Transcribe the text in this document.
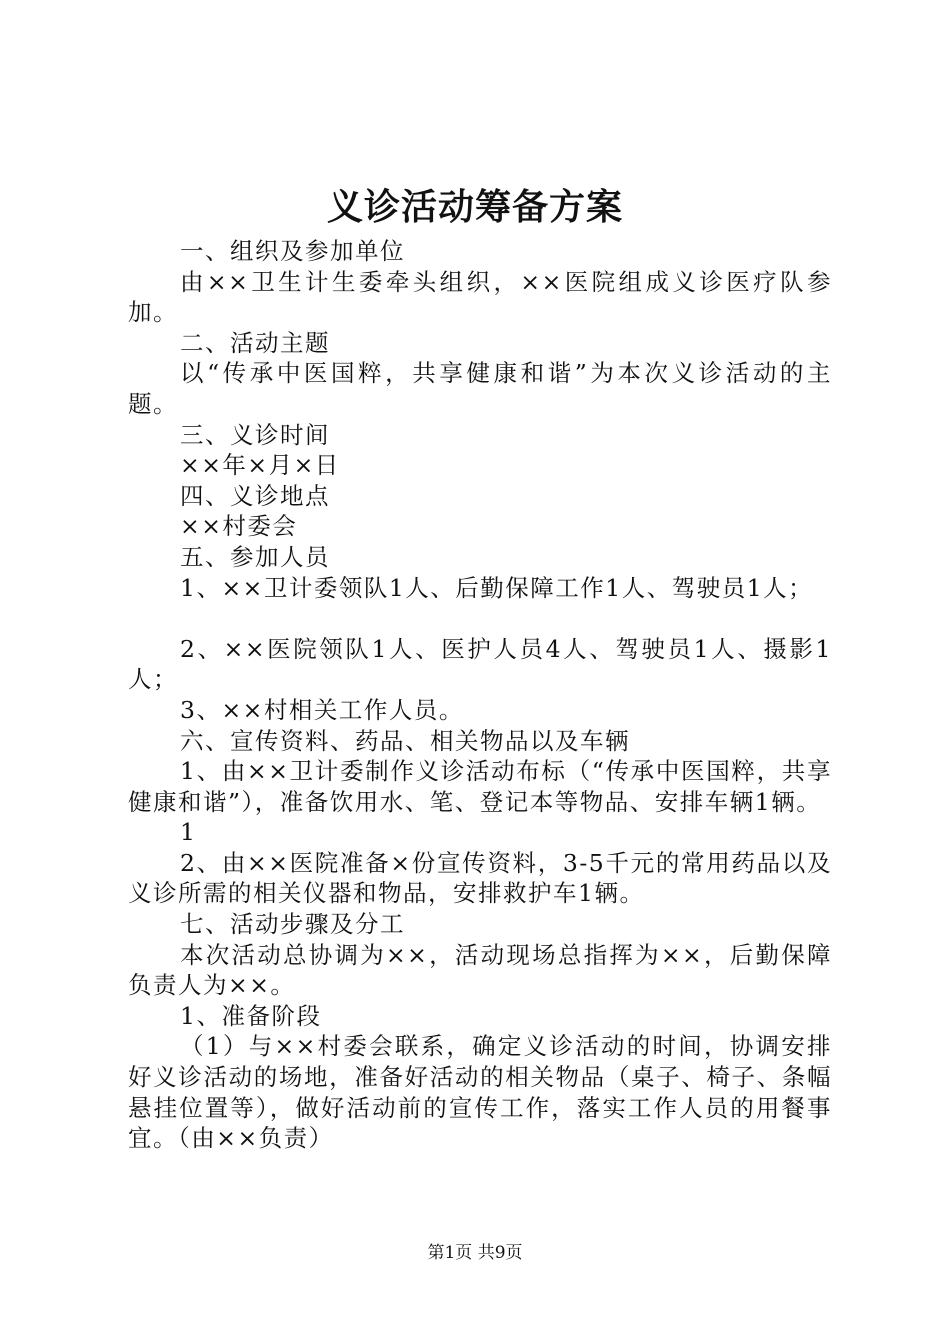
义诊活动筹备方案

一、组织及参加单位

由××卫生计生委牵头组织，××医院组成义诊医疗队参加。

二、活动主题

以“传承中医国粹，共享健康和谐”为本次义诊活动的主题。

三、义诊时间

××年×月×日

四、义诊地点

××村委会

五、参加人员

1、××卫计委领队1人、后勤保障工作1人、驾驶员1人；

2、××医院领队1人、医护人员4人、驾驶员1人、摄影1人；

3、××村相关工作人员。

六、宣传资料、药品、相关物品以及车辆

1、由××卫计委制作义诊活动布标（“传承中医国粹，共享健康和谐”），准备饮用水、笔、登记本等物品、安排车辆1辆。

1

2、由××医院准备×份宣传资料，3-5千元的常用药品以及义诊所需的相关仪器和物品，安排救护车1辆。

七、活动步骤及分工

本次活动总协调为××，活动现场总指挥为××，后勤保障负责人为××。

1、准备阶段

（1）与××村委会联系，确定义诊活动的时间，协调安排好义诊活动的场地，准备好活动的相关物品（桌子、椅子、条幅悬挂位置等），做好活动前的宣传工作，落实工作人员的用餐事宜。（由××负责）

第1页 共9页
